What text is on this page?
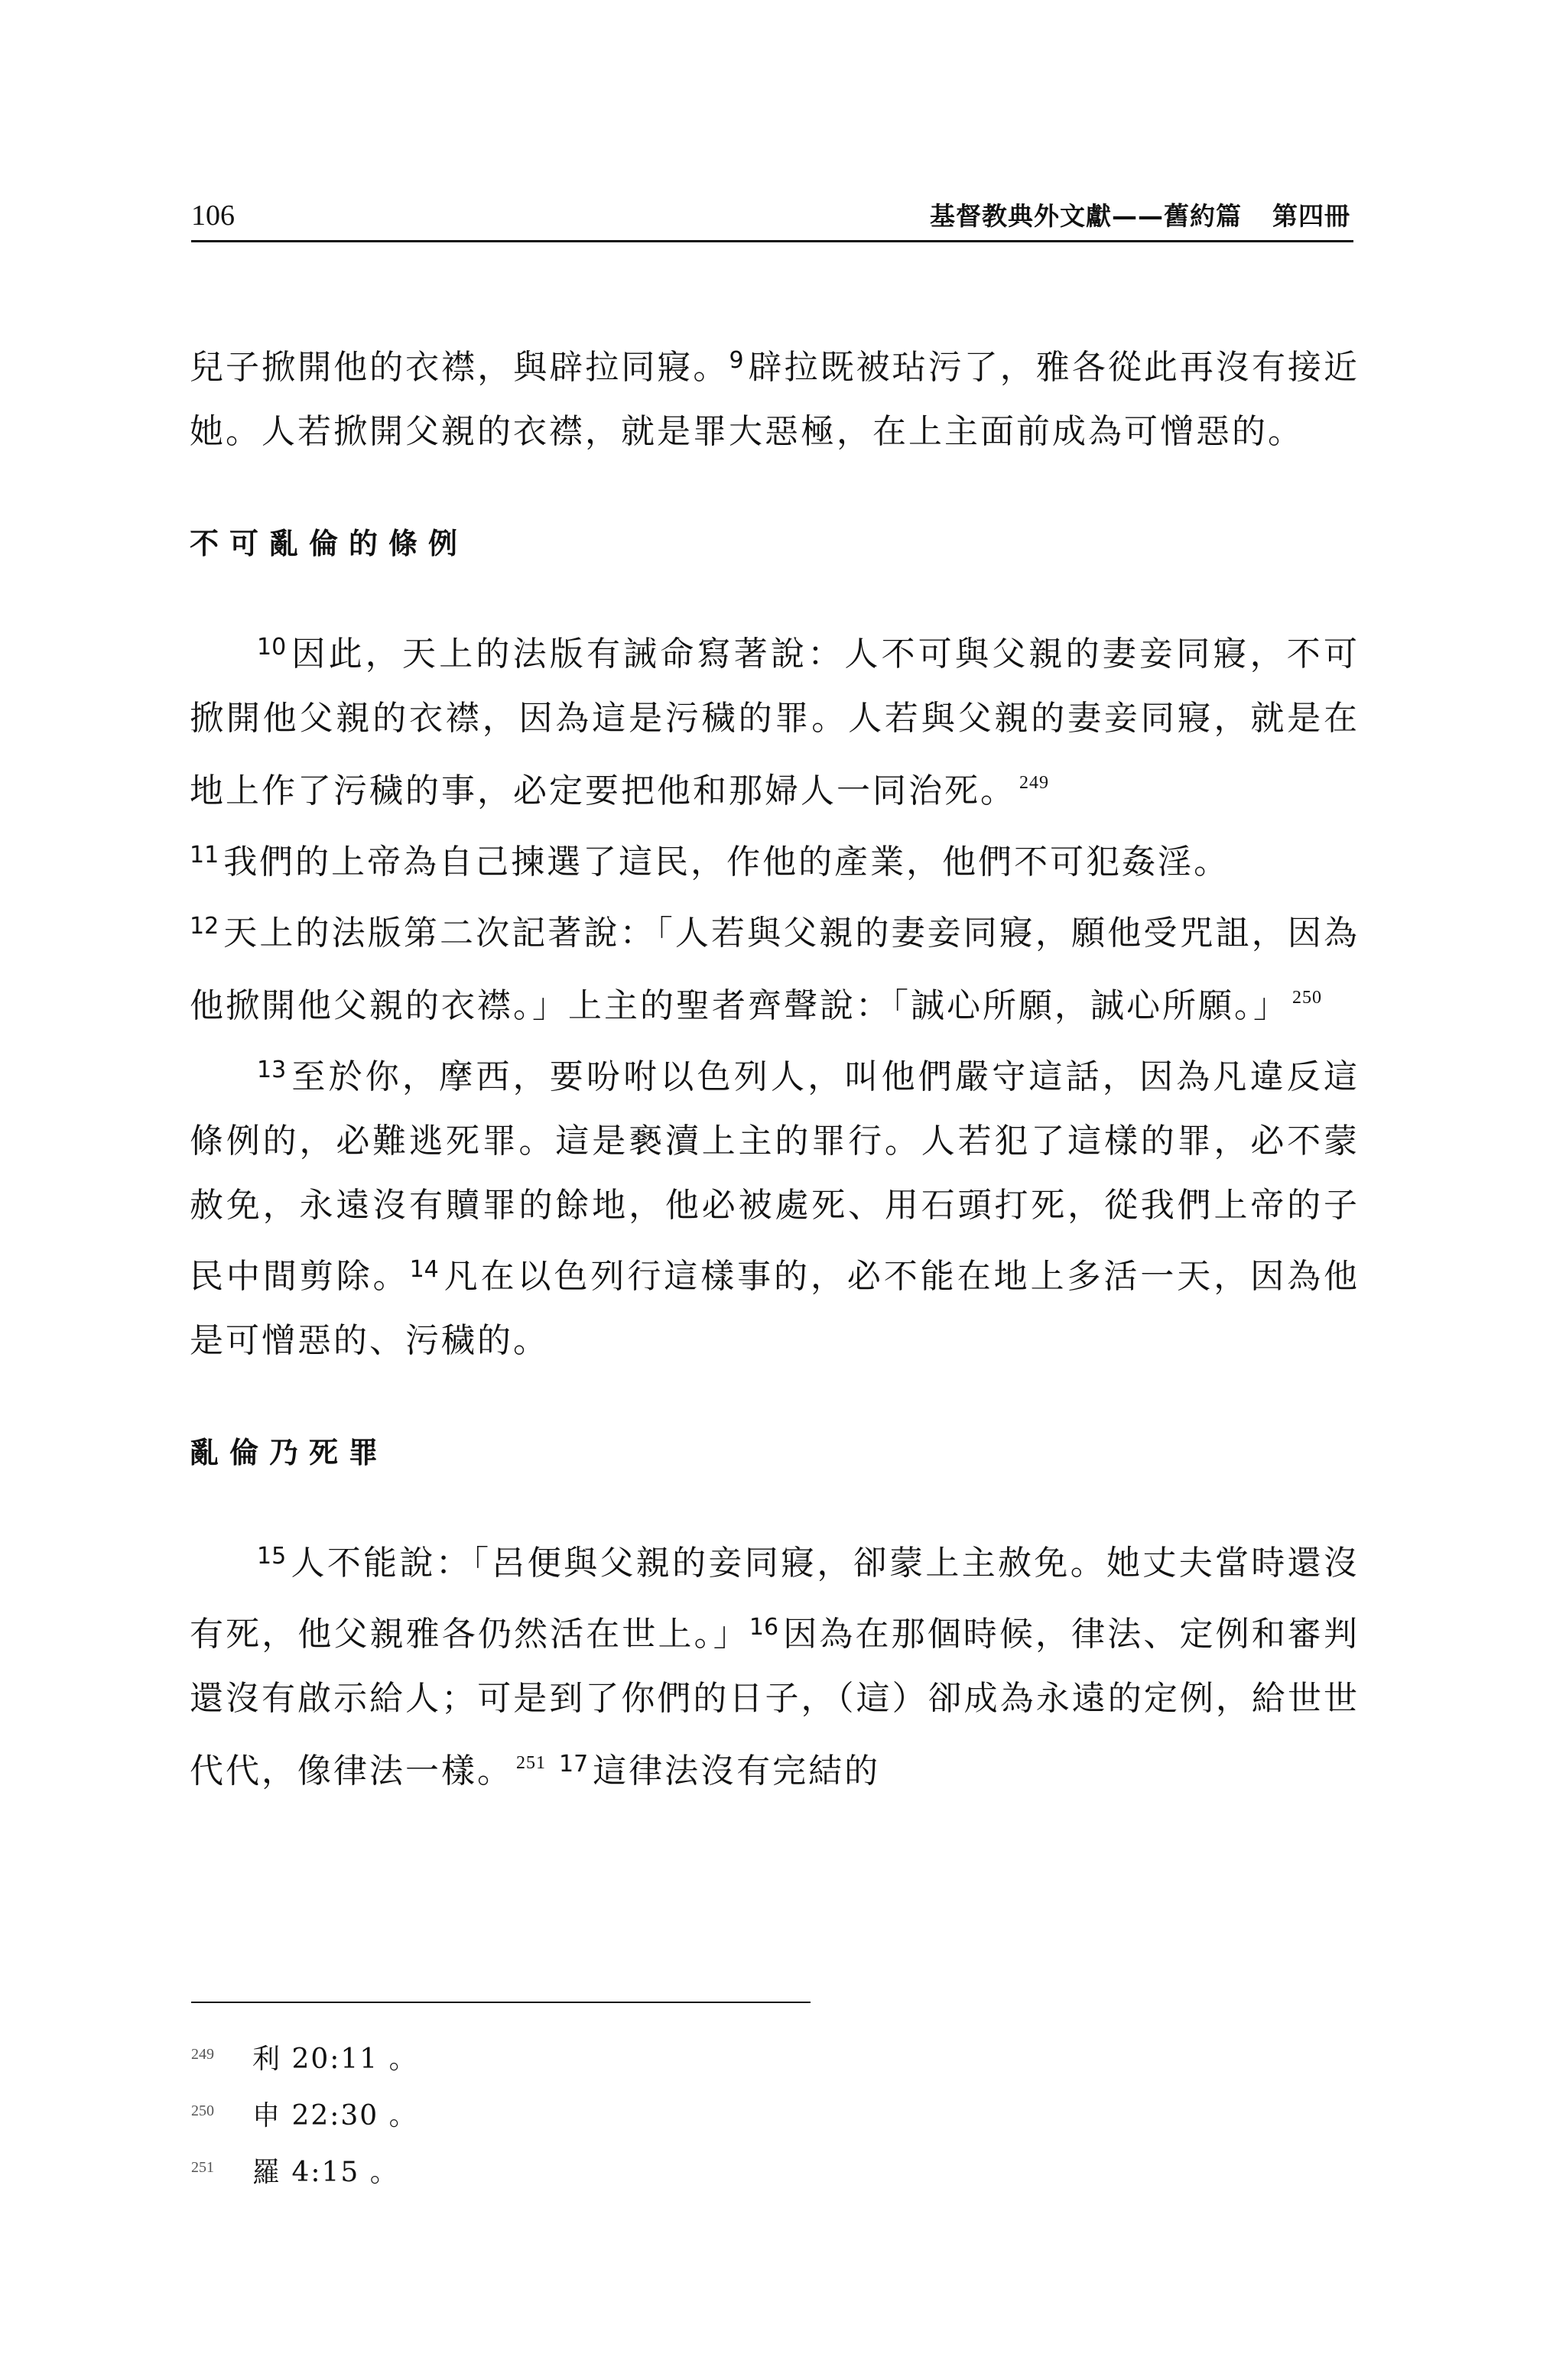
106	基督教典外文獻——舊約篇 第四冊

兒子掀開他的衣襟，與辟拉同寢。$^9$ 辟拉既被玷污了，雅各從此再沒有接近她。人若掀開父親的衣襟，就是罪大惡極，在上主面前成為可憎惡的。

不可亂倫的條例

$^{10}$ 因此，天上的法版有誡命寫著說：人不可與父親的妻妾同寢，不可掀開他父親的衣襟，因為這是污穢的罪。人若與父親的妻妾同寢，就是在地上作了污穢的事，必定要把他和那婦人一同治死。 $^{249}$
$^{11}$ 我們的上帝為自己揀選了這民，作他的產業，他們不可犯姦淫。
$^{12}$ 天上的法版第二次記著說：「人若與父親的妻妾同寢，願他受咒詛，因為他掀開他父親的衣襟。」上主的聖者齊聲說：「誠心所願，誠心所願。」 $^{250}$

$^{13}$ 至於你，摩西，要吩咐以色列人，叫他們嚴守這話，因為凡違反這條例的，必難逃死罪。這是褻瀆上主的罪行。人若犯了這樣的罪，必不蒙赦免，永遠沒有贖罪的餘地，他必被處死、用石頭打死，從我們上帝的子民中間剪除。$^{14}$ 凡在以色列行這樣事的，必不能在地上多活一天，因為他是可憎惡的、污穢的。

亂倫乃死罪

$^{15}$ 人不能說：「呂便與父親的妾同寢，卻蒙上主赦免。她丈夫當時還沒有死，他父親雅各仍然活在世上。」$^{16}$ 因為在那個時候，律法、定例和審判還沒有啟示給人；可是到了你們的日子，（這）卻成為永遠的定例，給世世代代，像律法一樣。 $^{251}$ $^{17}$ 這律法沒有完結的

249 利 20:11 。
250 申 22:30 。
251 羅 4:15 。
